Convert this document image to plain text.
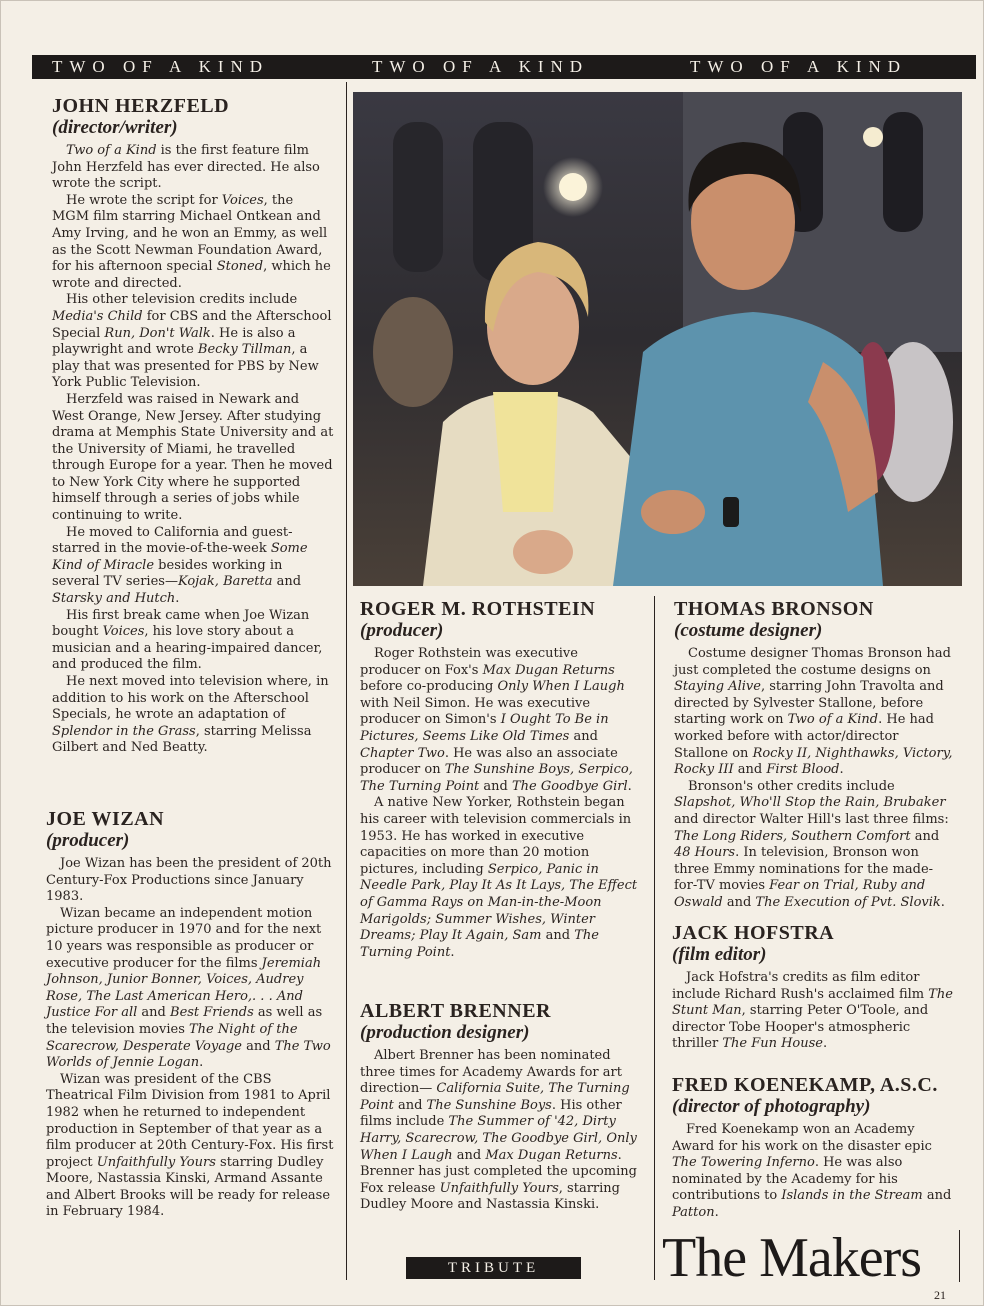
TWO OF A KIND	TWO OF A KIND	TWO OF A KIND
JOHN HERZFELD
(director/writer)

Two of a Kind is the first feature film John Herzfeld has ever directed. He also wrote the script.

He wrote the script for Voices, the MGM film starring Michael Ontkean and Amy Irving, and he won an Emmy, as well as the Scott Newman Foundation Award, for his afternoon special Stoned, which he wrote and directed.

His other television credits include Media's Child for CBS and the Afterschool Special Run, Don't Walk. He is also a playwright and wrote Becky Tillman, a play that was presented for PBS by New York Public Television.

Herzfeld was raised in Newark and West Orange, New Jersey. After studying drama at Memphis State University and at the University of Miami, he travelled through Europe for a year. Then he moved to New York City where he supported himself through a series of jobs while continuing to write.

He moved to California and guest-starred in the movie-of-the-week Some Kind of Miracle besides working in several TV series—Kojak, Baretta and Starsky and Hutch.

His first break came when Joe Wizan bought Voices, his love story about a musician and a hearing-impaired dancer, and produced the film.

He next moved into television where, in addition to his work on the Afterschool Specials, he wrote an adaptation of Splendor in the Grass, starring Melissa Gilbert and Ned Beatty.

JOE WIZAN
(producer)

Joe Wizan has been the president of 20th Century-Fox Productions since January 1983.

Wizan became an independent motion picture producer in 1970 and for the next 10 years was responsible as producer or executive producer for the films Jeremiah Johnson, Junior Bonner, Voices, Audrey Rose, The Last American Hero,. . . And Justice For all and Best Friends as well as the television movies The Night of the Scarecrow, Desperate Voyage and The Two Worlds of Jennie Logan.

Wizan was president of the CBS Theatrical Film Division from 1981 to April 1982 when he returned to independent production in September of that year as a film producer at 20th Century-Fox. His first project Unfaithfully Yours starring Dudley Moore, Nastassia Kinski, Armand Assante and Albert Brooks will be ready for release in February 1984.

ROGER M. ROTHSTEIN
(producer)

Roger Rothstein was executive producer on Fox's Max Dugan Returns before co-producing Only When I Laugh with Neil Simon. He was executive producer on Simon's I Ought To Be in Pictures, Seems Like Old Times and Chapter Two. He was also an associate producer on The Sunshine Boys, Serpico, The Turning Point and The Goodbye Girl.

A native New Yorker, Rothstein began his career with television commercials in 1953. He has worked in executive capacities on more than 20 motion pictures, including Serpico, Panic in Needle Park, Play It As It Lays, The Effect of Gamma Rays on Man-in-the-Moon Marigolds; Summer Wishes, Winter Dreams; Play It Again, Sam and The Turning Point.

ALBERT BRENNER
(production designer)

Albert Brenner has been nominated three times for Academy Awards for art direction— California Suite, The Turning Point and The Sunshine Boys. His other films include The Summer of '42, Dirty Harry, Scarecrow, The Goodbye Girl, Only When I Laugh and Max Dugan Returns. Brenner has just completed the upcoming Fox release Unfaithfully Yours, starring Dudley Moore and Nastassia Kinski.

THOMAS BRONSON
(costume designer)

Costume designer Thomas Bronson had just completed the costume designs on Staying Alive, starring John Travolta and directed by Sylvester Stallone, before starting work on Two of a Kind. He had worked before with actor/director Stallone on Rocky II, Nighthawks, Victory, Rocky III and First Blood.

Bronson's other credits include Slapshot, Who'll Stop the Rain, Brubaker and director Walter Hill's last three films: The Long Riders, Southern Comfort and 48 Hours. In television, Bronson won three Emmy nominations for the made-for-TV movies Fear on Trial, Ruby and Oswald and The Execution of Pvt. Slovik.

JACK HOFSTRA
(film editor)

Jack Hofstra's credits as film editor include Richard Rush's acclaimed film The Stunt Man, starring Peter O'Toole, and director Tobe Hooper's atmospheric thriller The Fun House.

FRED KOENEKAMP, A.S.C.
(director of photography)

Fred Koenekamp won an Academy Award for his work on the disaster epic The Towering Inferno. He was also nominated by the Academy for his contributions to Islands in the Stream and Patton.

TRIBUTE	The Makers
21
